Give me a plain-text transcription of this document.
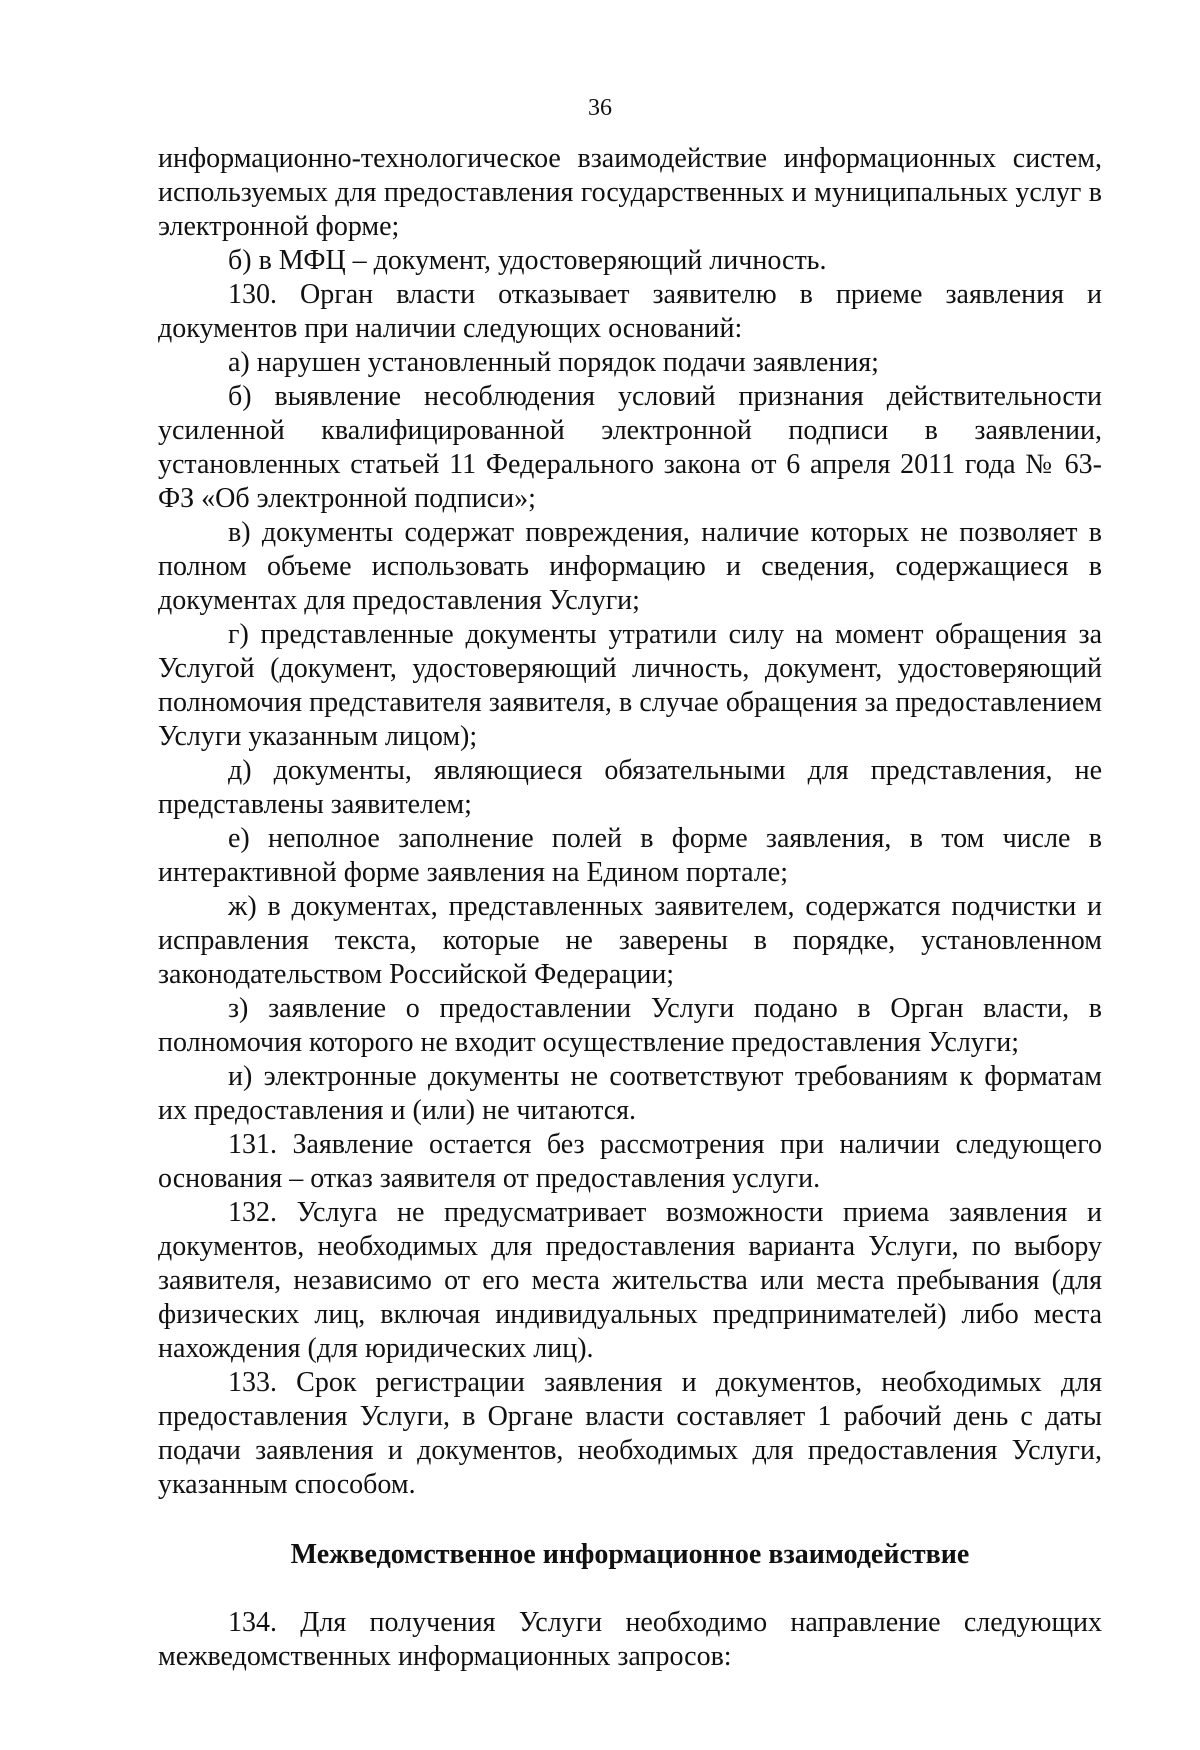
36

информационно-технологическое взаимодействие информационных систем, используемых для предоставления государственных и муниципальных услуг в электронной форме;

б) в МФЦ – документ, удостоверяющий личность.

130. Орган власти отказывает заявителю в приеме заявления и документов при наличии следующих оснований:

а) нарушен установленный порядок подачи заявления;

б) выявление несоблюдения условий признания действительности усиленной квалифицированной электронной подписи в заявлении, установленных статьей 11 Федерального закона от 6 апреля 2011 года № 63-ФЗ «Об электронной подписи»;

в) документы содержат повреждения, наличие которых не позволяет в полном объеме использовать информацию и сведения, содержащиеся в документах для предоставления Услуги;

г) представленные документы утратили силу на момент обращения за Услугой (документ, удостоверяющий личность, документ, удостоверяющий полномочия представителя заявителя, в случае обращения за предоставлением Услуги указанным лицом);

д) документы, являющиеся обязательными для представления, не представлены заявителем;

е) неполное заполнение полей в форме заявления, в том числе в интерактивной форме заявления на Едином портале;

ж) в документах, представленных заявителем, содержатся подчистки и исправления текста, которые не заверены в порядке, установленном законодательством Российской Федерации;

з) заявление о предоставлении Услуги подано в Орган власти, в полномочия которого не входит осуществление предоставления Услуги;

и) электронные документы не соответствуют требованиям к форматам их предоставления и (или) не читаются.

131. Заявление остается без рассмотрения при наличии следующего основания – отказ заявителя от предоставления услуги.

132. Услуга не предусматривает возможности приема заявления и документов, необходимых для предоставления варианта Услуги, по выбору заявителя, независимо от его места жительства или места пребывания (для физических лиц, включая индивидуальных предпринимателей) либо места нахождения (для юридических лиц).

133. Срок регистрации заявления и документов, необходимых для предоставления Услуги, в Органе власти составляет 1 рабочий день с даты подачи заявления и документов, необходимых для предоставления Услуги, указанным способом.

Межведомственное информационное взаимодействие

134. Для получения Услуги необходимо направление следующих межведомственных информационных запросов:
